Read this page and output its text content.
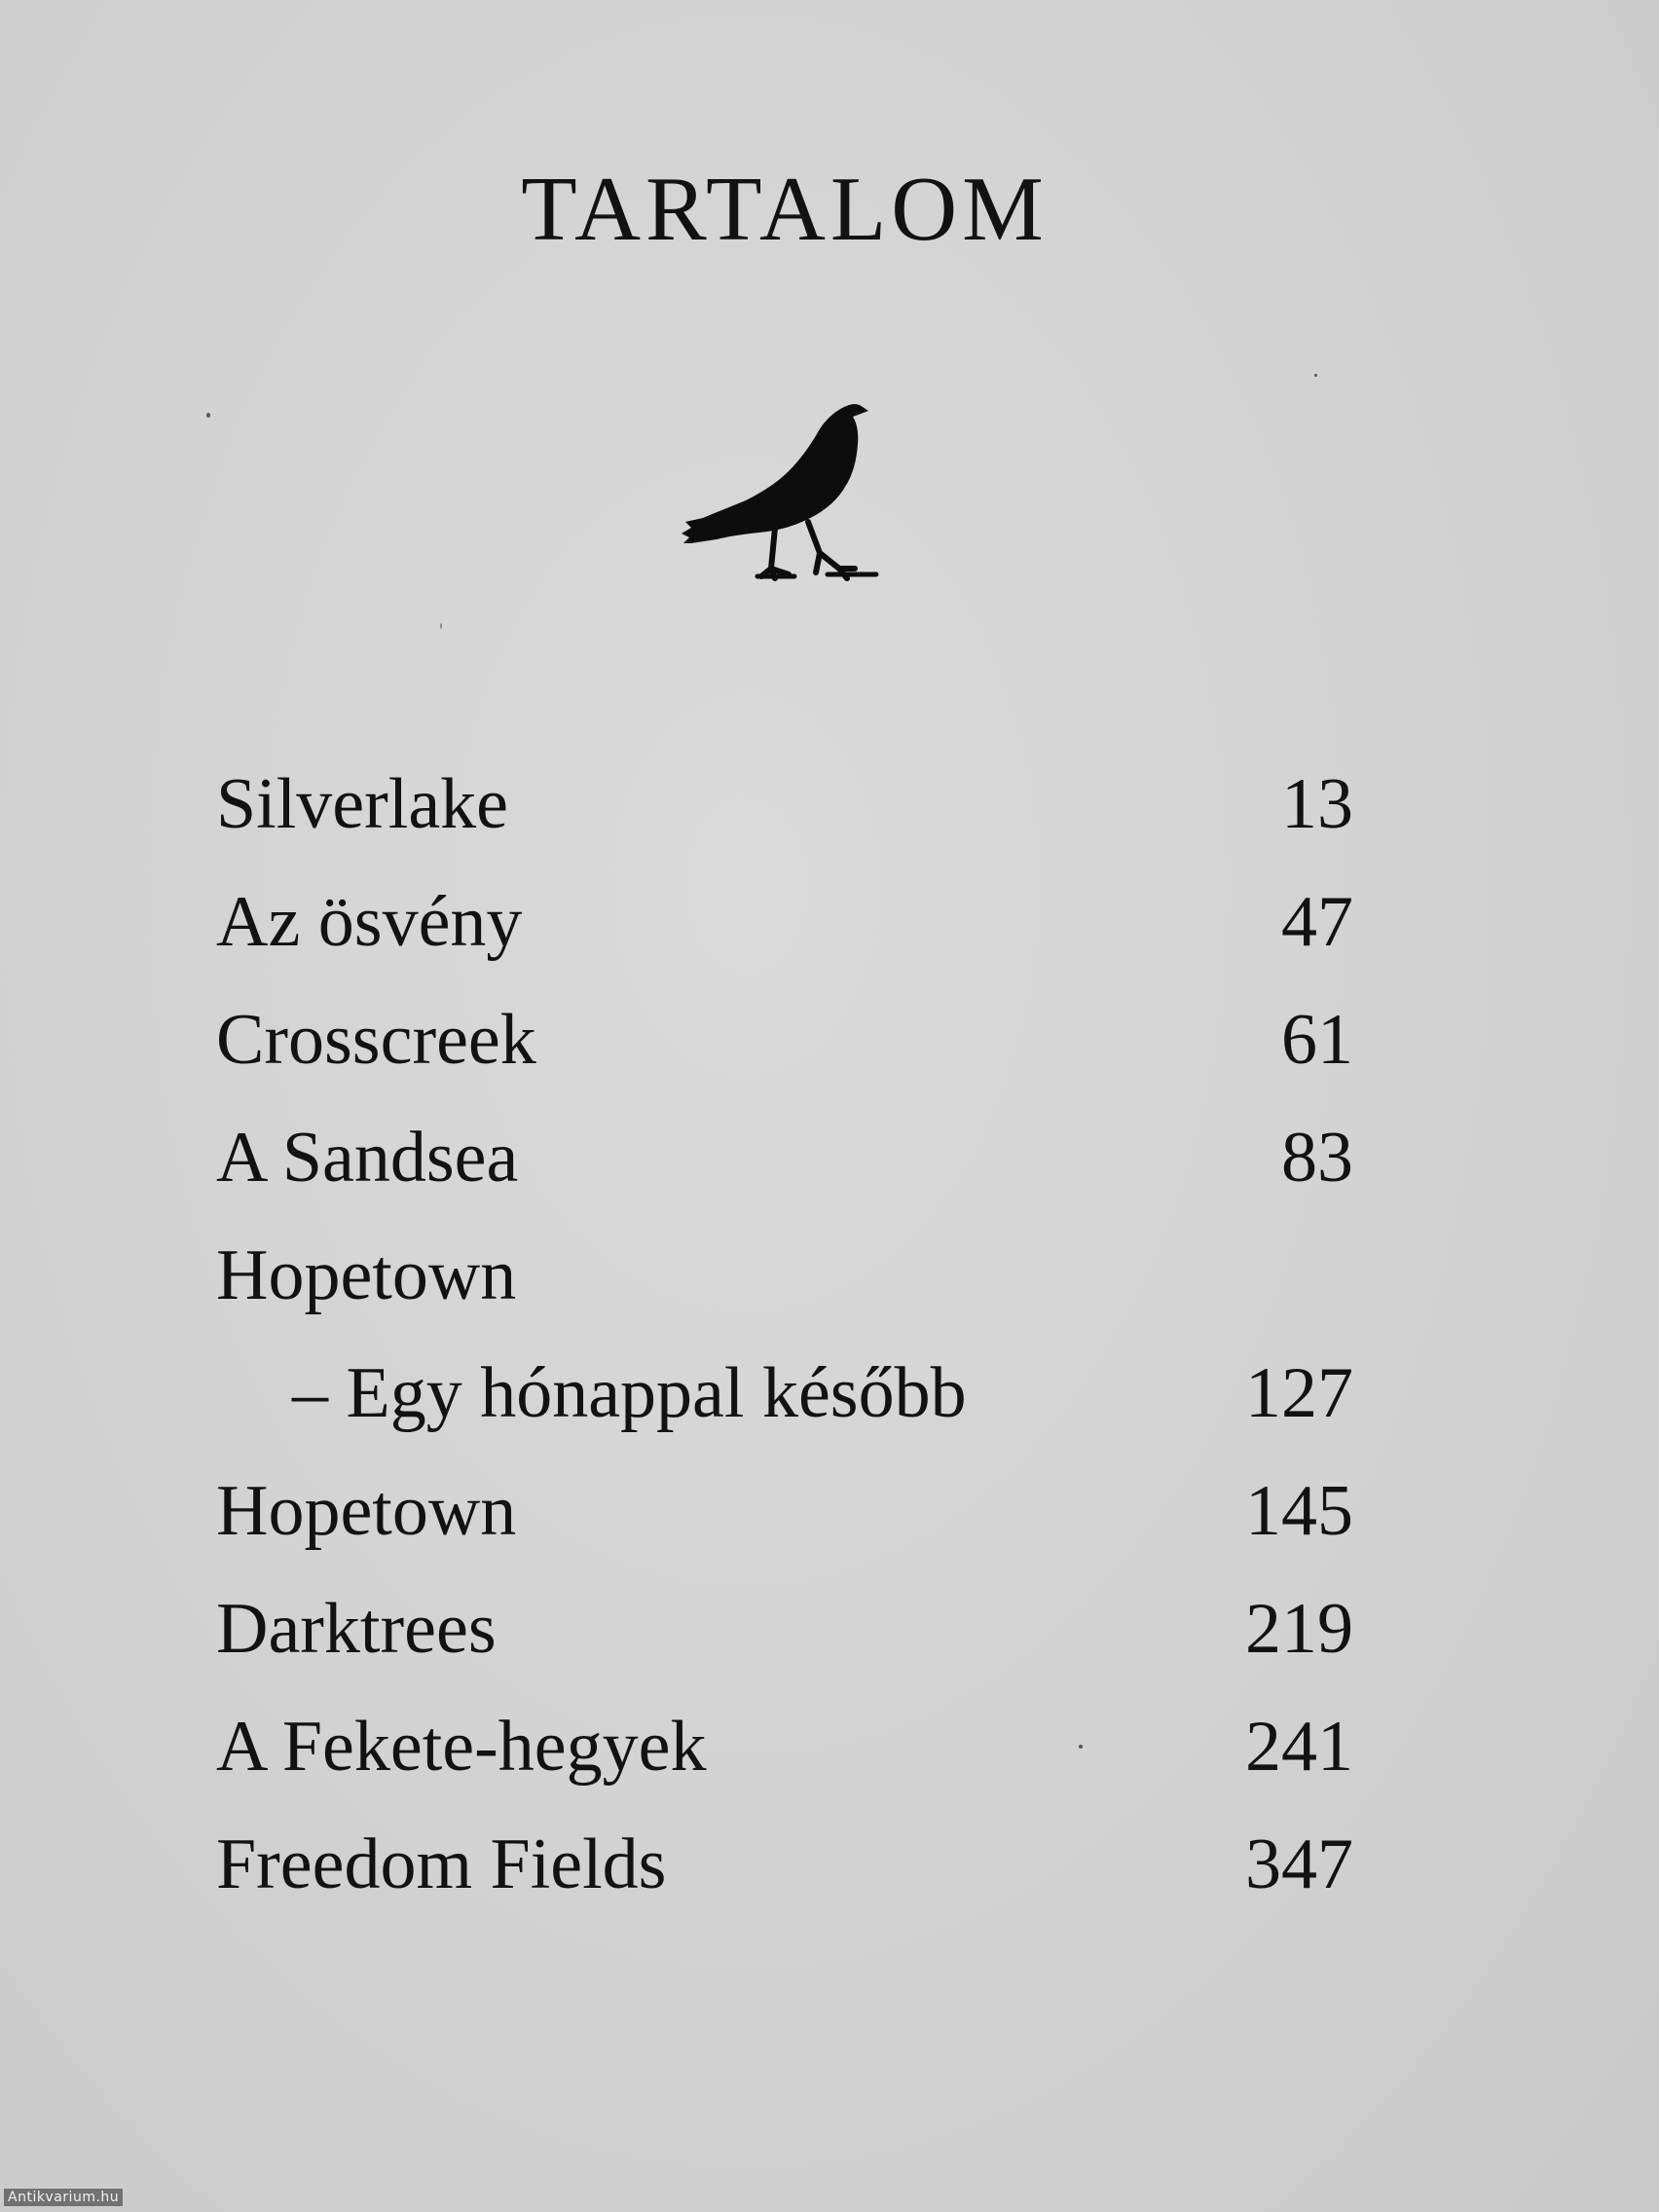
TARTALOM
Silverlake	13
Az ösvény	47
Crosscreek	61
A Sandsea	83
Hopetown
– Egy hónappal később	127
Hopetown	145
Darktrees	219
A Fekete-hegyek	241
Freedom Fields	347
Antikvarium.hu
